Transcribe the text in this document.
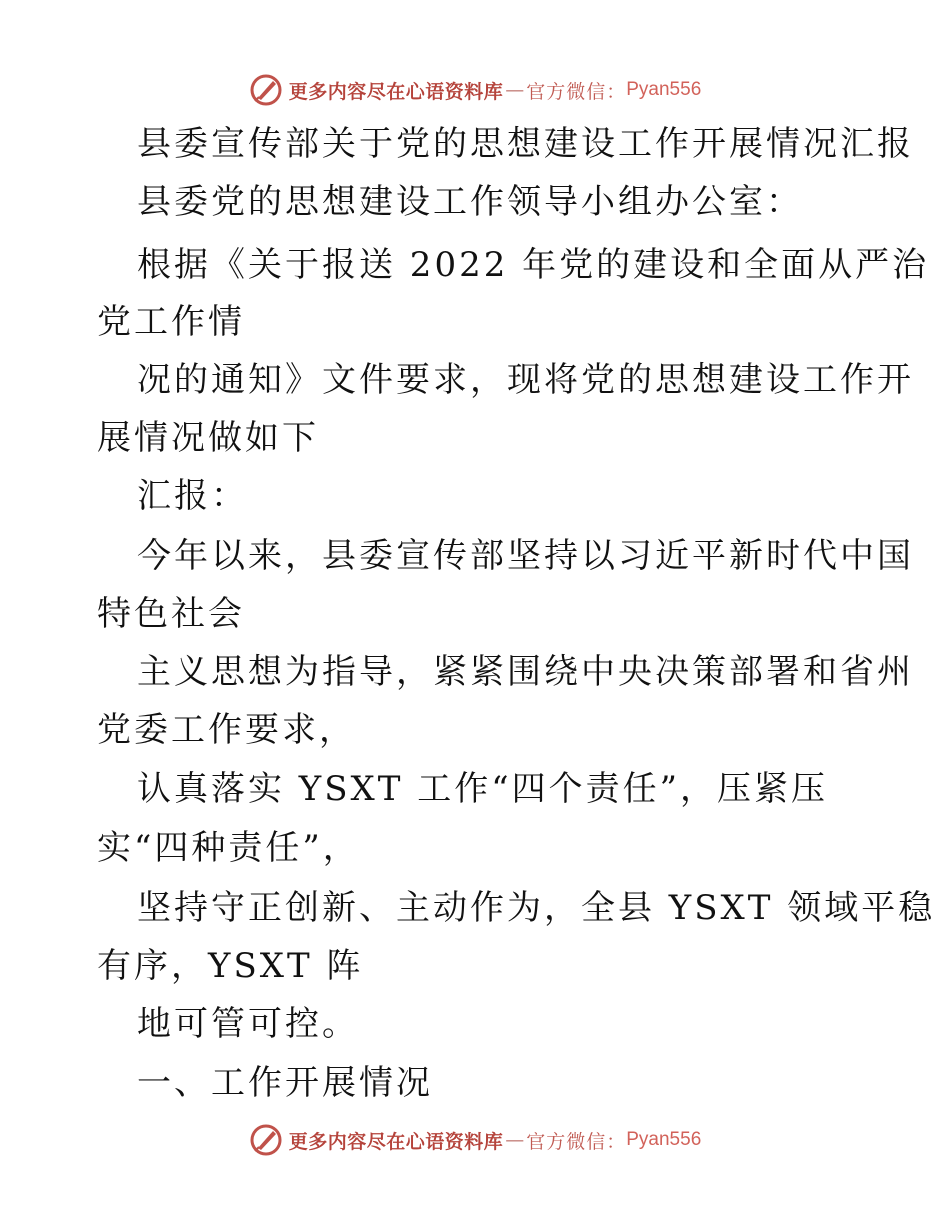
更多内容尽在心语资料库 — 官方微信： Pyan556
县委宣传部关于党的思想建设工作开展情况汇报
县委党的思想建设工作领导小组办公室：
根据《关于报送 2022 年党的建设和全面从严治
党工作情
况的通知》文件要求，现将党的思想建设工作开
展情况做如下
汇报：
今年以来，县委宣传部坚持以习近平新时代中国
特色社会
主义思想为指导，紧紧围绕中央决策部署和省州
党委工作要求，
认真落实 YSXT 工作“四个责任”，压紧压
实“四种责任”，
坚持守正创新、主动作为，全县 YSXT 领域平稳
有序，YSXT 阵
地可管可控。
一、工作开展情况
更多内容尽在心语资料库 — 官方微信： Pyan556
